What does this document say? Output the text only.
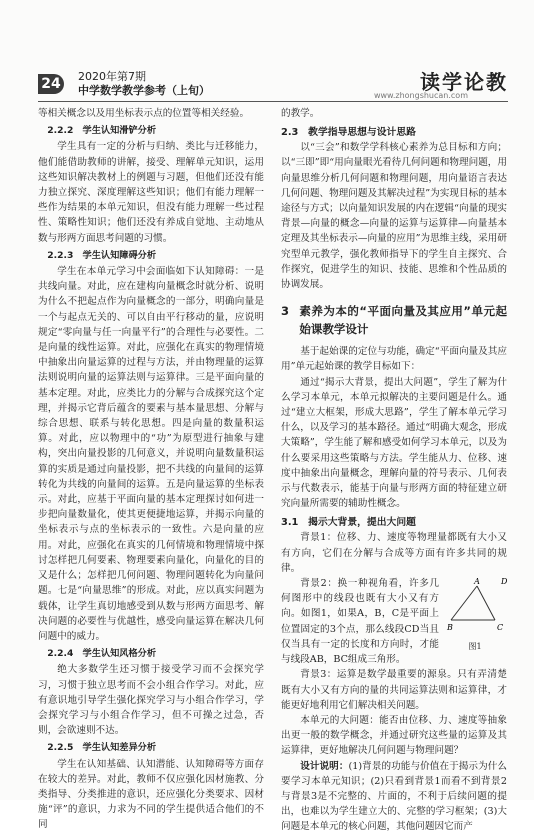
24 2020年第7期
中学数学教学参考（上旬）	读学论教
www.zhongshucan.com

等相关概念以及用坐标表示点的位置等相关经验。

2.2.2　学生认知滑铲分析

学生具有一定的分析与归纳、类比与迁移能力，他们能借助教师的讲解，接受、理解单元知识，运用这些知识解决教材上的例题与习题，但他们还没有能力独立探究、深度理解这些知识；他们有能力理解一些作为结果的本单元知识，但没有能力理解一些过程性、策略性知识；他们还没有养成自觉地、主动地从数与形两方面思考问题的习惯。

2.2.3　学生认知障碍分析

学生在本单元学习中会面临如下认知障碍：一是共线向量。对此，应在建构向量概念时就分析、说明为什么不把起点作为向量概念的一部分，明确向量是一个与起点无关的、可以自由平行移动的量，应说明规定“零向量与任一向量平行”的合理性与必要性。二是向量的线性运算。对此，应强化在真实的物理情境中抽象出向量运算的过程与方法，并由物理量的运算法则说明向量的运算法则与运算律。三是平面向量的基本定理。对此，应类比力的分解与合成探究这个定理，并揭示它背后蕴含的要素与基本量思想、分解与综合思想、联系与转化思想。四是向量的数量积运算。对此，应以物理中的“功”为原型进行抽象与建构，突出向量投影的几何意义，并说明向量数量积运算的实质是通过向量投影，把不共线的向量间的运算转化为共线的向量间的运算。五是向量运算的坐标表示。对此，应基于平面向量的基本定理探讨如何进一步把向量数量化，使其更便捷地运算，并揭示向量的坐标表示与点的坐标表示的一致性。六是向量的应用。对此，应强化在真实的几何情境和物理情境中探讨怎样把几何要素、物理要素向量化，向量化的目的又是什么；怎样把几何问题、物理问题转化为向量问题。七是“向量思维”的形成。对此，应以真实问题为载体，让学生真切地感受到从数与形两方面思考、解决问题的必要性与优越性，感受向量运算在解决几何问题中的威力。

2.2.4　学生认知风格分析

绝大多数学生还习惯于接受学习而不会探究学习，习惯于独立思考而不会小组合作学习。对此，应有意识地引导学生强化探究学习与小组合作学习，学会探究学习与小组合作学习，但不可操之过急，否则，会欲速则不达。

2.2.5　学生认知差异分析

学生在认知基础、认知潜能、认知障碍等方面存在较大的差异。对此，教师不仅应强化因材施教、分类指导、分类推进的意识，还应强化分类要求、因材施“评”的意识，力求为不同的学生提供适合他们的不同

的教学。

2.3　教学指导思想与设计思路

以“三会”和数学学科核心素养为总目标和方向；以“三即”即“用向量眼光看待几何问题和物理问题，用向量思维分析几何问题和物理问题，用向量语言表达几何问题、物理问题及其解决过程”为实现目标的基本途径与方式；以向量知识发展的内在逻辑“向量的现实背景—向量的概念—向量的运算与运算律—向量基本定理及其坐标表示—向量的应用”为思维主线，采用研究型单元教学，强化教师指导下的学生自主探究、合作探究，促进学生的知识、技能、思维和个性品质的协调发展。

3 素养为本的“平面向量及其应用”单元起始课教学设计

基于起始课的定位与功能，确定“平面向量及其应用”单元起始课的教学目标如下：

通过“揭示大背景，提出大问题”，学生了解为什么学习本单元，本单元拟解决的主要问题是什么。通过“建立大框架，形成大思路”，学生了解本单元学习什么，以及学习的基本路径。通过“明确大观念，形成大策略”，学生能了解和感受如何学习本单元，以及为什么要采用这些策略与方法。学生能从力、位移、速度中抽象出向量概念，理解向量的符号表示、几何表示与代数表示，能基于向量与形两方面的特征建立研究向量所需要的辅助性概念。

3.1　揭示大背景，提出大问题

背景1：位移、力、速度等物理量都既有大小又有方向，它们在分解与合成等方面有许多共同的规律。

背景2：换一种视角看，许多几何图形中的线段也既有大小又有方向。如图1，如果A，B，C是平面上位置固定的3个点，那么线段CD当且仅当具有一定的长度和方向时，才能与线段AB，BC组成三角形。

A
B	C
D
图1

背景3：运算是数学最重要的源泉。只有弄清楚既有大小又有方向的量的共同运算法则和运算律，才能更好地利用它们解决相关问题。

本单元的大问题：能否由位移、力、速度等抽象出更一般的数学概念，并通过研究这些量的运算及其运算律，更好地解决几何问题与物理问题？

设计说明：(1)背景的功能与价值在于揭示为什么要学习本单元知识；(2)只看到背景1而看不到背景2与背景3是不完整的、片面的，不利于后续问题的提出，也难以为学生建立大的、完整的学习框架；(3)大问题是本单元的核心问题，其他问题因它而产
